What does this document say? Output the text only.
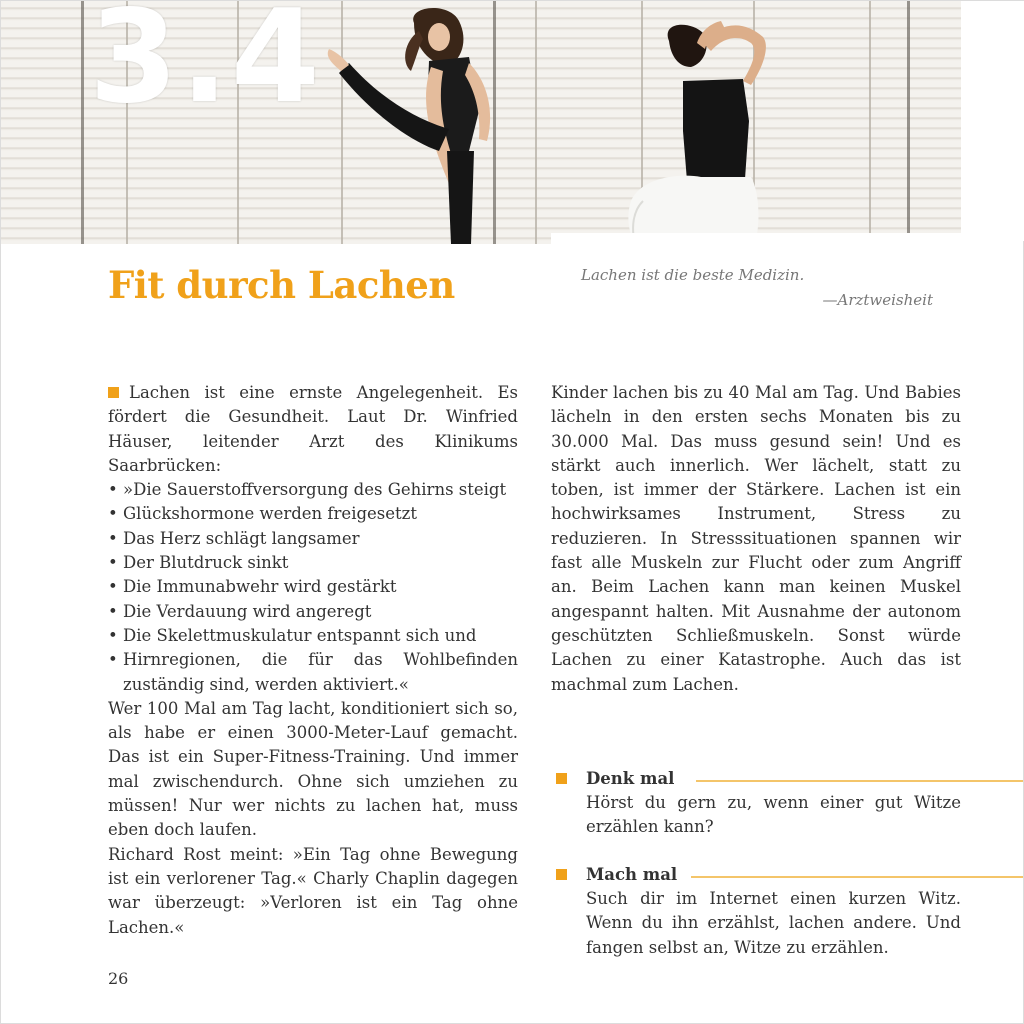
3.4
Fit durch Lachen	Lachen ist die beste Medizin.
—Arztweisheit

Lachen ist eine ernste Angelegenheit. Es fördert die Gesundheit. Laut Dr. Winfried Häuser, leitender Arzt des Klinikums Saarbrücken:

• »Die Sauerstoffversorgung des Gehirns steigt
• Glückshormone werden freigesetzt
• Das Herz schlägt langsamer
• Der Blutdruck sinkt
• Die Immunabwehr wird gestärkt
• Die Verdauung wird angeregt
• Die Skelettmuskulatur entspannt sich und
• Hirnregionen, die für das Wohlbefinden zuständig sind, werden aktiviert.«

Wer 100 Mal am Tag lacht, konditioniert sich so, als habe er einen 3000-Meter-Lauf gemacht. Das ist ein Super-Fitness-Training. Und immer mal zwischendurch. Ohne sich umziehen zu müssen! Nur wer nichts zu lachen hat, muss eben doch laufen.

Richard Rost meint: »Ein Tag ohne Bewegung ist ein verlorener Tag.« Charly Chaplin dagegen war überzeugt: »Verloren ist ein Tag ohne Lachen.«

Kinder lachen bis zu 40 Mal am Tag. Und Babies lächeln in den ersten sechs Monaten bis zu 30.000 Mal. Das muss gesund sein! Und es stärkt auch innerlich. Wer lächelt, statt zu toben, ist immer der Stärkere. Lachen ist ein hochwirksames Instrument, Stress zu reduzieren. In Stresssituationen spannen wir fast alle Muskeln zur Flucht oder zum Angriff an. Beim Lachen kann man keinen Muskel angespannt halten. Mit Ausnahme der autonom geschützten Schließmuskeln. Sonst würde Lachen zu einer Katastrophe. Auch das ist machmal zum Lachen.

Denk mal
Hörst du gern zu, wenn einer gut Witze erzählen kann?
Mach mal
Such dir im Internet einen kurzen Witz. Wenn du ihn erzählst, lachen andere. Und fangen selbst an, Witze zu erzählen.
26
